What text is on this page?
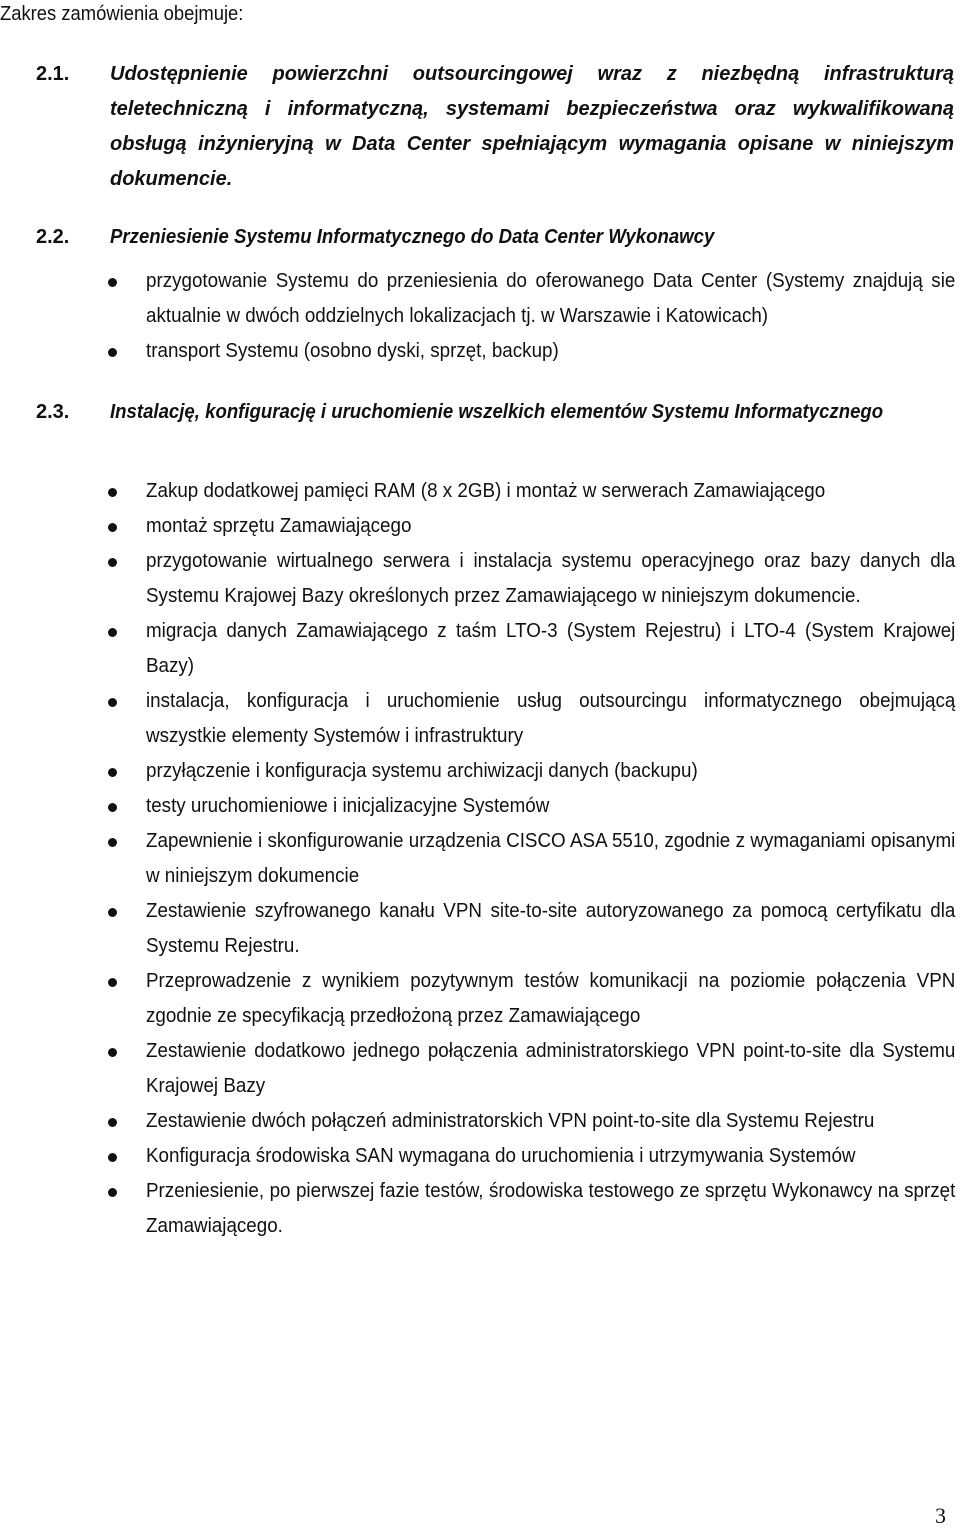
Zakres zamówienia obejmuje:
2.1. Udostępnienie powierzchni outsourcingowej wraz z niezbędną infrastrukturą teletechniczną i informatyczną, systemami bezpieczeństwa oraz wykwalifikowaną obsługą inżynieryjną w Data Center spełniającym wymagania opisane w niniejszym dokumencie.
2.2. Przeniesienie Systemu Informatycznego do Data Center Wykonawcy
przygotowanie Systemu do przeniesienia do oferowanego Data Center (Systemy znajdują sie aktualnie w dwóch oddzielnych lokalizacjach tj. w Warszawie i Katowicach)
transport Systemu (osobno dyski, sprzęt, backup)
2.3. Instalację, konfigurację i uruchomienie wszelkich elementów Systemu Informatycznego
Zakup dodatkowej pamięci RAM (8 x 2GB) i montaż w serwerach Zamawiającego
montaż sprzętu Zamawiającego
przygotowanie wirtualnego serwera i instalacja systemu operacyjnego oraz bazy danych dla Systemu Krajowej Bazy określonych przez Zamawiającego w niniejszym dokumencie.
migracja danych Zamawiającego z taśm LTO-3 (System Rejestru) i LTO-4 (System Krajowej Bazy)
instalacja, konfiguracja i uruchomienie usług outsourcingu informatycznego obejmującą wszystkie elementy Systemów i infrastruktury
przyłączenie i konfiguracja systemu archiwizacji danych (backupu)
testy uruchomieniowe i inicjalizacyjne Systemów
Zapewnienie i skonfigurowanie urządzenia CISCO ASA 5510, zgodnie z wymaganiami opisanymi w niniejszym dokumencie
Zestawienie szyfrowanego kanału VPN site-to-site autoryzowanego za pomocą certyfikatu dla Systemu Rejestru.
Przeprowadzenie z wynikiem pozytywnym testów komunikacji na poziomie połączenia VPN zgodnie ze specyfikacją przedłożoną przez Zamawiającego
Zestawienie dodatkowo jednego połączenia administratorskiego VPN point-to-site dla Systemu Krajowej Bazy
Zestawienie dwóch połączeń administratorskich VPN point-to-site dla Systemu Rejestru
Konfiguracja środowiska SAN wymagana do uruchomienia i utrzymywania Systemów
Przeniesienie, po pierwszej fazie testów, środowiska testowego ze sprzętu Wykonawcy na sprzęt Zamawiającego.
3
